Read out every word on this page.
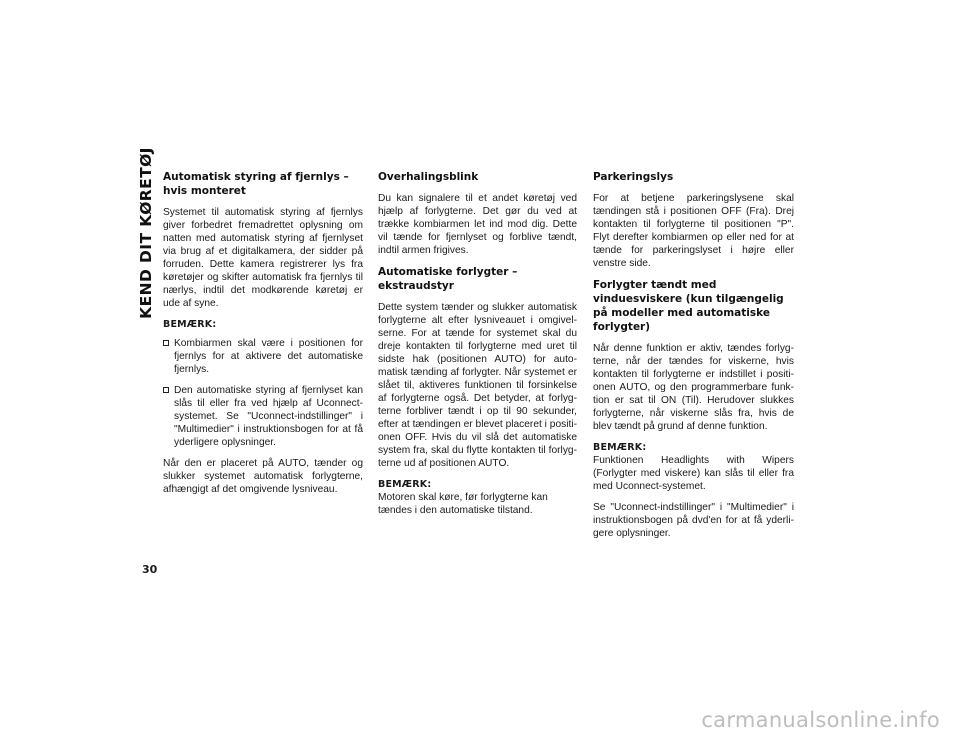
KEND DIT KØRETØJ Automatisk styring af fjernlys – hvis monteret

Systemet til automatisk styring af fjernlys giver forbedret fremadrettet oplysning om natten med automatisk styring af fjernlyset via brug af et digitalkamera, der sidder på forruden. Dette kamera registrerer lys fra køretøjer og skifter automatisk fra fjernlys til nærlys, indtil det modkørende køretøj er ude af syne.

BEMÆRK:
Kombiarmen skal være i positionen for fjernlys for at aktivere det automatiske fjernlys.
Den automatiske styring af fjernlyset kan slås til eller fra ved hjælp af Uconnect-systemet. Se "Uconnect-indstillinger" i "Multimedier" i instruktionsbogen for at få yderligere oplysninger.

Når den er placeret på AUTO, tænder og slukker systemet automatisk forlygterne, afhængigt af det omgivende lysniveau.

Overhalingsblink

Du kan signalere til et andet køretøj ved hjælp af forlygterne. Det gør du ved at trække kombiarmen let ind mod dig. Dette vil tænde for fjernlyset og forblive tændt, indtil armen frigives.

Automatiske forlygter – ekstraudstyr

Dette system tænder og slukker automatisk forlygterne alt efter lysniveauet i omgivelserne. For at tænde for systemet skal du dreje kontakten til forlygterne med uret til sidste hak (positionen AUTO) for automatisk tænding af forlygter. Når systemet er slået til, aktiveres funktionen til forsinkelse af forlygterne også. Det betyder, at forlygterne forbliver tændt i op til 90 sekunder, efter at tændingen er blevet placeret i positionen OFF. Hvis du vil slå det automatiske system fra, skal du flytte kontakten til forlygterne ud af positionen AUTO.

BEMÆRK:

Motoren skal køre, før forlygterne kan tændes i den automatiske tilstand.

Parkeringslys

For at betjene parkeringslysene skal tændingen stå i positionen OFF (Fra). Drej kontakten til forlygterne til positionen "P". Flyt derefter kombiarmen op eller ned for at tænde for parkeringslyset i højre eller venstre side.

Forlygter tændt med vinduesviskere (kun tilgængelig på modeller med automatiske forlygter)

Når denne funktion er aktiv, tændes forlygterne, når der tændes for viskerne, hvis kontakten til forlygterne er indstillet i positionen AUTO, og den programmerbare funktion er sat til ON (Til). Herudover slukkes forlygterne, når viskerne slås fra, hvis de blev tændt på grund af denne funktion.

BEMÆRK:

Funktionen Headlights with Wipers (Forlygter med viskere) kan slås til eller fra med Uconnect-systemet.

Se "Uconnect-indstillinger" i "Multimedier" i instruktionsbogen på dvd'en for at få yderligere oplysninger.

30
carmanualsonline.info
